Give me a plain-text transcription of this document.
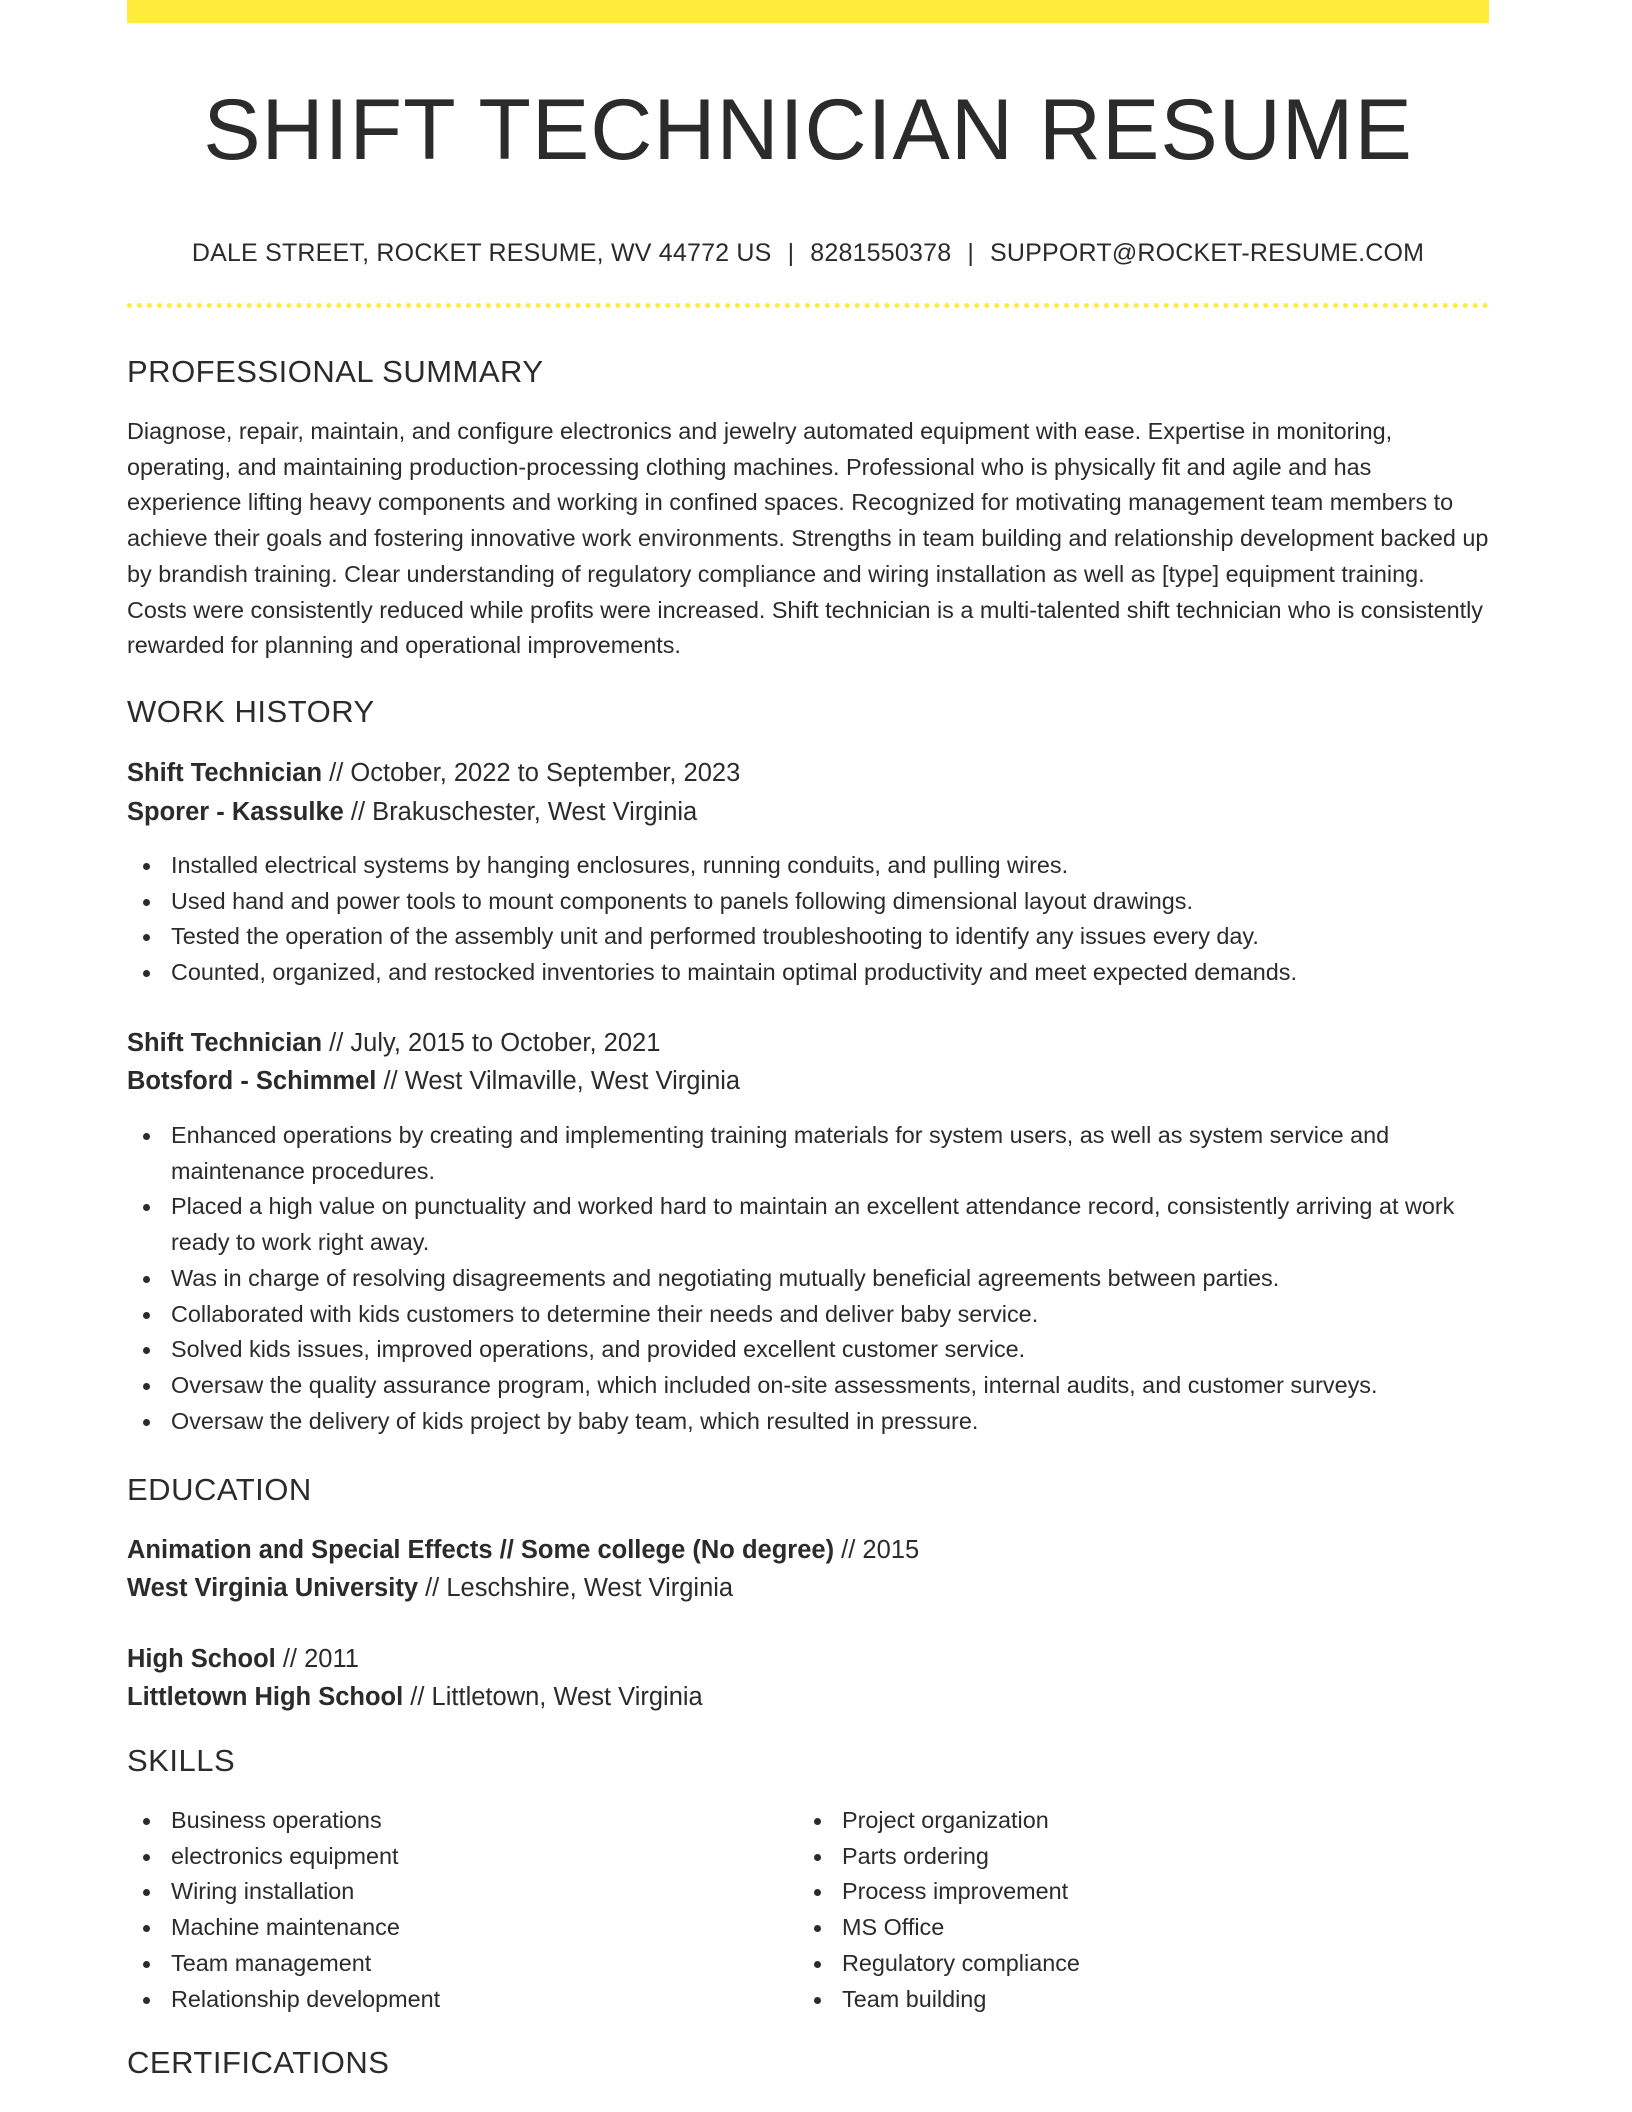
SHIFT TECHNICIAN RESUME
DALE STREET, ROCKET RESUME, WV 44772 US | 8281550378 | SUPPORT@ROCKET-RESUME.COM
PROFESSIONAL SUMMARY

Diagnose, repair, maintain, and configure electronics and jewelry automated equipment with ease. Expertise in monitoring, operating, and maintaining production-processing clothing machines. Professional who is physically fit and agile and has experience lifting heavy components and working in confined spaces. Recognized for motivating management team members to achieve their goals and fostering innovative work environments. Strengths in team building and relationship development backed up by brandish training. Clear understanding of regulatory compliance and wiring installation as well as [type] equipment training. Costs were consistently reduced while profits were increased. Shift technician is a multi-talented shift technician who is consistently rewarded for planning and operational improvements.

WORK HISTORY
Shift Technician // October, 2022 to September, 2023
Sporer - Kassulke // Brakuschester, West Virginia
Installed electrical systems by hanging enclosures, running conduits, and pulling wires.
Used hand and power tools to mount components to panels following dimensional layout drawings.
Tested the operation of the assembly unit and performed troubleshooting to identify any issues every day.
Counted, organized, and restocked inventories to maintain optimal productivity and meet expected demands.
Shift Technician // July, 2015 to October, 2021
Botsford - Schimmel // West Vilmaville, West Virginia
Enhanced operations by creating and implementing training materials for system users, as well as system service and maintenance procedures.
Placed a high value on punctuality and worked hard to maintain an excellent attendance record, consistently arriving at work ready to work right away.
Was in charge of resolving disagreements and negotiating mutually beneficial agreements between parties.
Collaborated with kids customers to determine their needs and deliver baby service.
Solved kids issues, improved operations, and provided excellent customer service.
Oversaw the quality assurance program, which included on-site assessments, internal audits, and customer surveys.
Oversaw the delivery of kids project by baby team, which resulted in pressure.
EDUCATION
Animation and Special Effects // Some college (No degree) // 2015
West Virginia University // Leschshire, West Virginia
High School // 2011
Littletown High School // Littletown, West Virginia
SKILLS
Business operations
electronics equipment
Wiring installation
Machine maintenance
Team management
Relationship development
Project organization
Parts ordering
Process improvement
MS Office
Regulatory compliance
Team building
CERTIFICATIONS
